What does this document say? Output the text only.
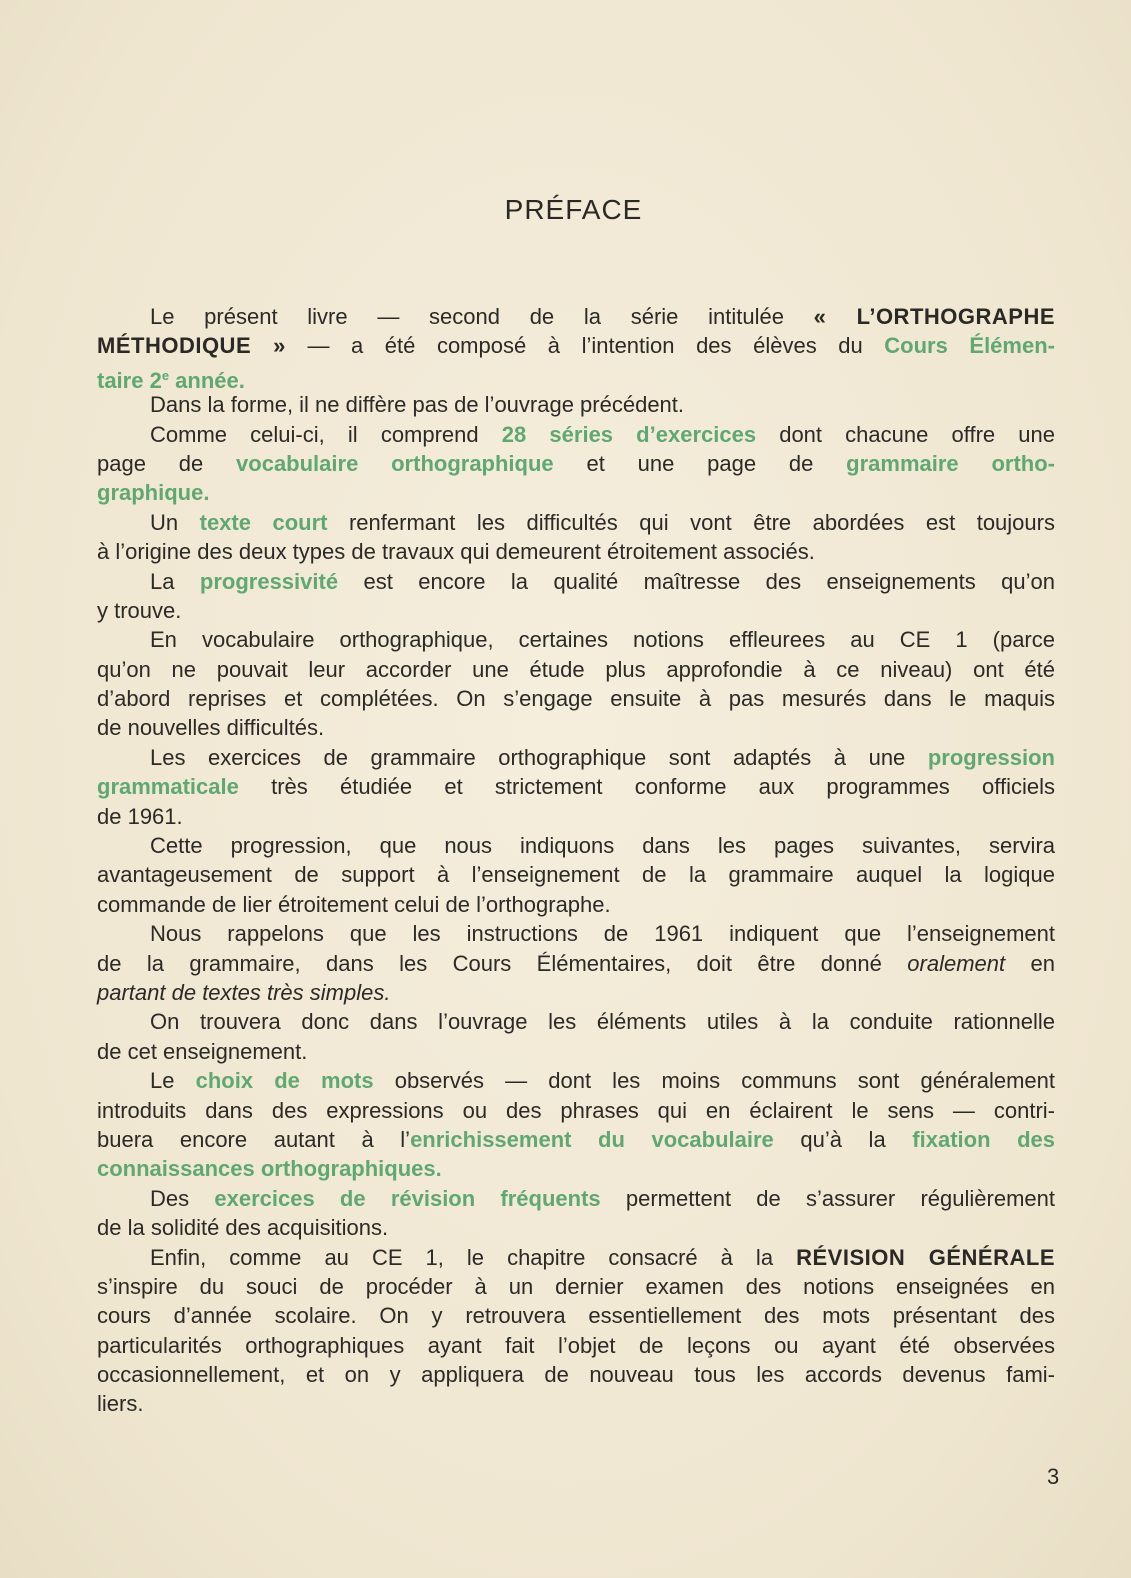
PRÉFACE
Le présent livre — second de la série intitulée « L’ORTHOGRAPHE
MÉTHODIQUE » — a été composé à l’intention des élèves du Cours Élémen-
taire 2e année.
Dans la forme, il ne diffère pas de l’ouvrage précédent.
Comme celui-ci, il comprend 28 séries d’exercices dont chacune offre une
page de vocabulaire orthographique et une page de grammaire ortho-
graphique.
Un texte court renfermant les difficultés qui vont être abordées est toujours
à l’origine des deux types de travaux qui demeurent étroitement associés.
La progressivité est encore la qualité maîtresse des enseignements qu’on
y trouve.
En vocabulaire orthographique, certaines notions effleurees au CE 1 (parce
qu’on ne pouvait leur accorder une étude plus approfondie à ce niveau) ont été
d’abord reprises et complétées. On s’engage ensuite à pas mesurés dans le maquis
de nouvelles difficultés.
Les exercices de grammaire orthographique sont adaptés à une progression
grammaticale très étudiée et strictement conforme aux programmes officiels
de 1961.
Cette progression, que nous indiquons dans les pages suivantes, servira
avantageusement de support à l’enseignement de la grammaire auquel la logique
commande de lier étroitement celui de l’orthographe.
Nous rappelons que les instructions de 1961 indiquent que l’enseignement
de la grammaire, dans les Cours Élémentaires, doit être donné oralement en
partant de textes très simples.
On trouvera donc dans l’ouvrage les éléments utiles à la conduite rationnelle
de cet enseignement.
Le choix de mots observés — dont les moins communs sont généralement
introduits dans des expressions ou des phrases qui en éclairent le sens — contri-
buera encore autant à l’enrichissement du vocabulaire qu’à la fixation des
connaissances orthographiques.
Des exercices de révision fréquents permettent de s’assurer régulièrement
de la solidité des acquisitions.
Enfin, comme au CE 1, le chapitre consacré à la RÉVISION GÉNÉRALE
s’inspire du souci de procéder à un dernier examen des notions enseignées en
cours d’année scolaire. On y retrouvera essentiellement des mots présentant des
particularités orthographiques ayant fait l’objet de leçons ou ayant été observées
occasionnellement, et on y appliquera de nouveau tous les accords devenus fami-
liers.
3
